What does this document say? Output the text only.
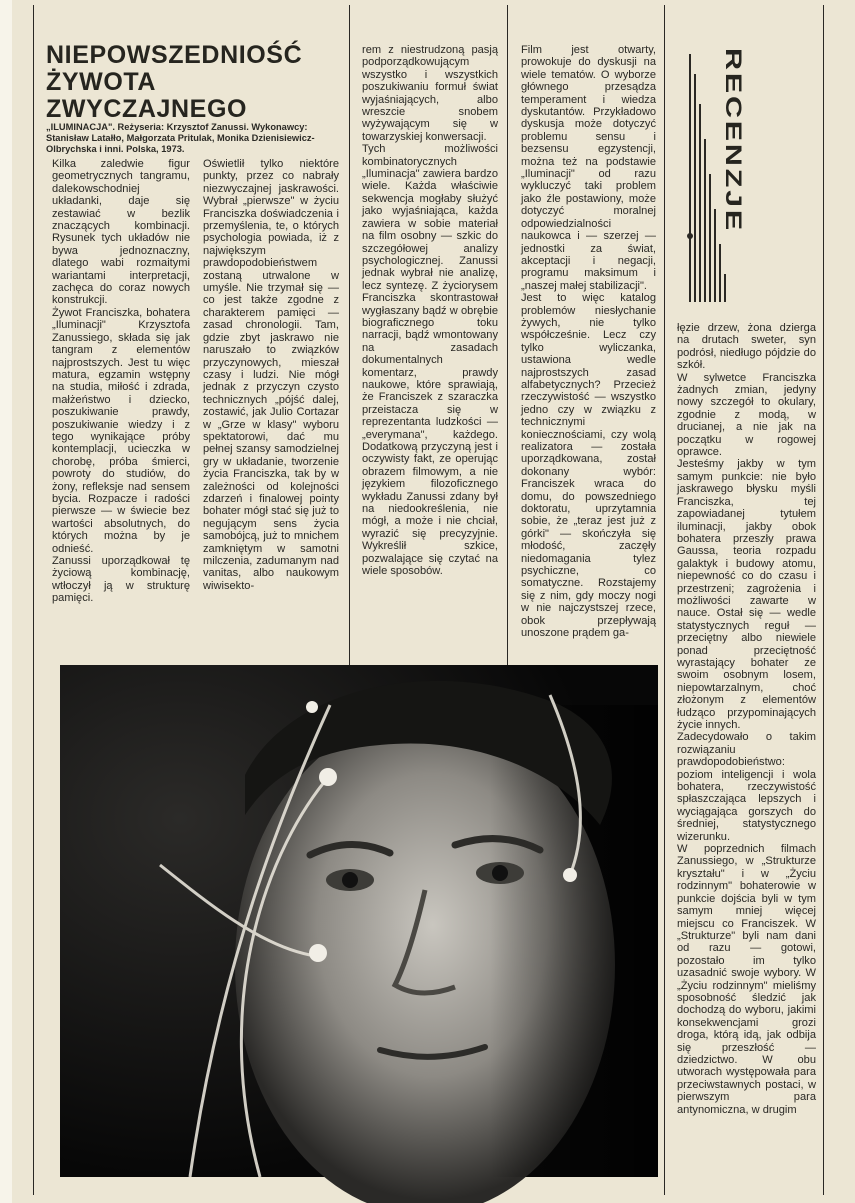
NIEPOWSZEDNIOŚĆ
ŻYWOTA ZWYCZAJNEGO

„ILUMINACJA". Reżyseria: Krzysztof Zanussi. Wykonawcy: Stanisław Latałło, Małgorzata Pritulak, Monika Dzienisiewicz-Olbrychska i inni. Polska, 1973.

Kilka zaledwie figur geometrycznych tangramu, dalekowschodniej układanki, daje się zestawiać w bezlik znaczących kombinacji. Rysunek tych układów nie bywa jednoznaczny, dlatego wabi rozmaitymi wariantami interpretacji, zachęca do coraz nowych konstrukcji.
Żywot Franciszka, bohatera „Iluminacji" Krzysztofa Zanussiego, składa się jak tangram z elementów najprostszych. Jest tu więc matura, egzamin wstępny na studia, miłość i zdrada, małżeństwo i dziecko, poszukiwanie prawdy, poszukiwanie wiedzy i z tego wynikające próby kontemplacji, ucieczka w chorobę, próba śmierci, powroty do studiów, do żony, refleksje nad sensem bycia. Rozpacze i radości pierwsze — w świecie bez wartości absolutnych, do których można by je odnieść.
Zanussi uporządkował tę życiową kombinację, wtłoczył ją w strukturę pamięci.

Oświetlił tylko niektóre punkty, przez co nabrały niezwyczajnej jaskrawości. Wybrał „pierwsze" w życiu Franciszka doświadczenia i przemyślenia, te, o których psychologia powiada, iż z największym prawdopodobieństwem zostaną utrwalone w umyśle. Nie trzymał się — co jest także zgodne z charakterem pamięci — zasad chronologii. Tam, gdzie zbyt jaskrawo nie naruszało to związków przyczynowych, mieszał czasy i ludzi. Nie mógł jednak z przyczyn czysto technicznych „pójść dalej, zostawić, jak Julio Cortazar w „Grze w klasy" wyboru spektatorowi, dać mu pełnej szansy samodzielnej gry w układanie, tworzenie życia Franciszka, tak by w zależności od kolejności zdarzeń i finalowej pointy bohater mógł stać się już to negującym sens życia samobójcą, już to mnichem zamkniętym w samotni milczenia, zadumanym nad vanitas, albo naukowym wiwisekto-

rem z niestrudzoną pasją podporządkowującym wszystko i wszystkich poszukiwaniu formuł świat wyjaśniających, albo wreszcie snobem wyżywającym się w towarzyskiej konwersacji.
Tych możliwości kombinatorycznych „Iluminacja" zawiera bardzo wiele. Każda właściwie sekwencja mogłaby służyć jako wyjaśniająca, każda zawiera w sobie materiał na film osobny — szkic do szczegółowej analizy psychologicznej. Zanussi jednak wybrał nie analizę, lecz syntezę. Z życiorysem Franciszka skontrastował wygłaszany bądź w obrębie biograficznego toku narracji, bądź wmontowany na zasadach dokumentalnych komentarz, prawdy naukowe, które sprawiają, że Franciszek z szaraczka przeistacza się w reprezentanta ludzkości — „everymana", każdego. Dodatkową przyczyną jest i oczywisty fakt, ze operując obrazem filmowym, a nie językiem filozoficznego wykładu Zanussi zdany był na niedookreślenia, nie mógł, a może i nie chciał, wyrazić się precyzyjnie. Wykreślił szkice, pozwalające się czytać na wiele sposobów.

Film jest otwarty, prowokuje do dyskusji na wiele tematów. O wyborze głównego przesądza temperament i wiedza dyskutantów. Przykładowo dyskusja może dotyczyć problemu sensu i bezsensu egzystencji, można też na podstawie „Iluminacji" od razu wykluczyć taki problem jako źle postawiony, może dotyczyć moralnej odpowiedzialności naukowca i — szerzej — jednostki za świat, akceptacji i negacji, programu maksimum i „naszej małej stabilizacji".
Jest to więc katalog problemów niesłychanie żywych, nie tylko współcześnie. Lecz czy tylko wyliczanka, ustawiona wedle najprostszych zasad alfabetycznych? Przecież rzeczywistość — wszystko jedno czy w związku z technicznymi koniecznościami, czy wolą realizatora — została uporządkowana, został dokonany wybór: Franciszek wraca do domu, do powszedniego doktoratu, uprzytamnia sobie, że „teraz jest już z górki" — skończyła się młodość, zaczęły niedomagania tylez psychiczne, co somatyczne. Rozstajemy się z nim, gdy moczy nogi w nie najczystszej rzece, obok przepływają unoszone prądem ga-

łęzie drzew, żona dzierga na drutach sweter, syn podrósł, niedługo pójdzie do szkół.
W sylwetce Franciszka żadnych zmian, jedyny nowy szczegół to okulary, zgodnie z modą, w drucianej, a nie jak na początku w rogowej oprawce.
Jesteśmy jakby w tym samym punkcie: nie było jaskrawego błysku myśli Franciszka, tej zapowiadanej tytułem iluminacji, jakby obok bohatera przeszły prawa Gaussa, teoria rozpadu galaktyk i budowy atomu, niepewność co do czasu i przestrzeni; zagrożenia i możliwości zawarte w nauce. Ostał się — wedle statystycznych reguł — przeciętny albo niewiele ponad przeciętność wyrastający bohater ze swoim osobnym losem, niepowtarzalnym, choć złożonym z elementów łudząco przypominających życie innych.
Zadecydowało o takim rozwiązaniu prawdopodobieństwo: poziom inteligencji i wola bohatera, rzeczywistość spłaszczająca lepszych i wyciągająca gorszych do średniej, statystycznego wizerunku.
W poprzednich filmach Zanussiego, w „Strukturze kryształu" i w „Życiu rodzinnym" bohaterowie w punkcie dojścia byli w tym samym mniej więcej miejscu co Franciszek. W „Strukturze" byli nam dani od razu — gotowi, pozostało im tylko uzasadnić swoje wybory. W „Życiu rodzinnym" mieliśmy sposobność śledzić jak dochodzą do wyboru, jakimi konsekwencjami grozi droga, którą idą, jak odbija się przeszłość — dziedzictwo. W obu utworach występowała para przeciwstawnych postaci, w pierwszym para antynomiczna, w drugim

RECENZJE
